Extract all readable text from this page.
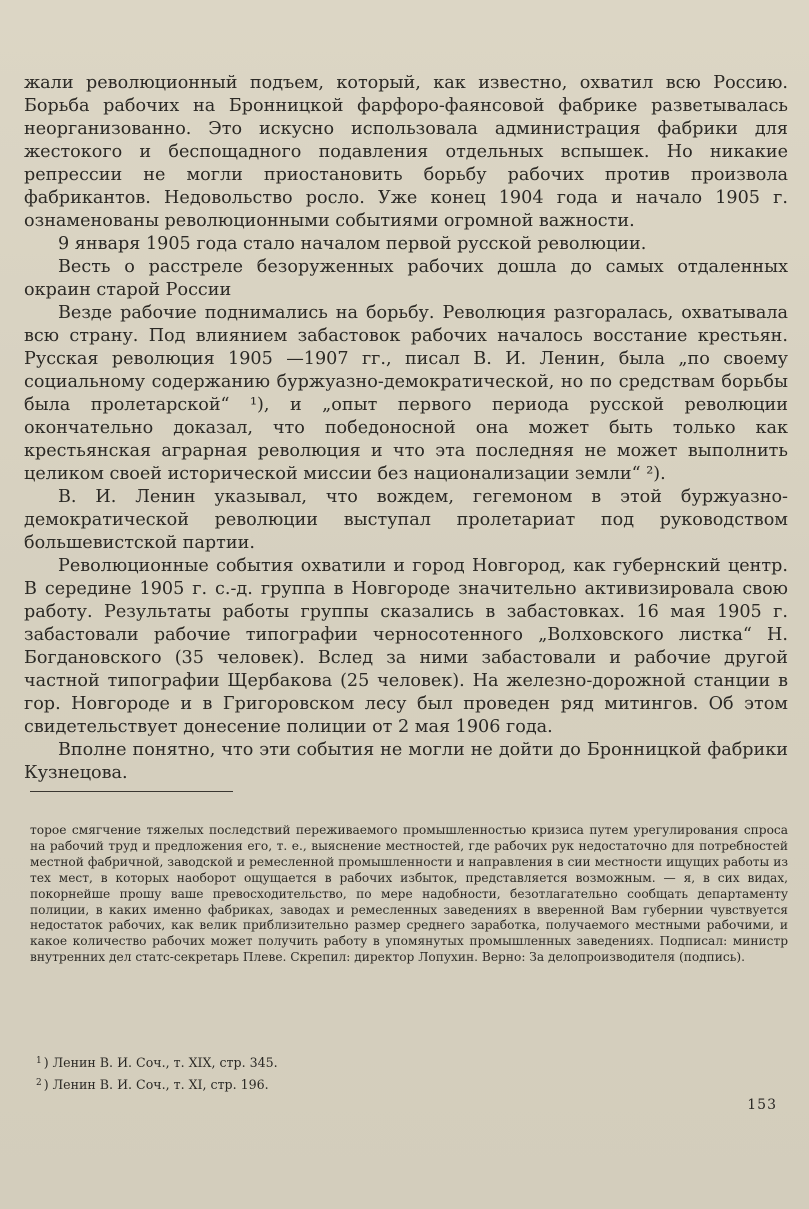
жали революционный подъем, который, как известно, охватил всю Россию. Борьба рабочих на Бронницкой фарфоро-фаянсовой фабрике разветывалась неорганизованно. Это искусно использовала администрация фабрики для жестокого и беспощадного подавления отдельных вспышек. Но никакие репрессии не могли приостановить борьбу рабочих против произвола фабрикантов. Недовольство росло. Уже конец 1904 года и начало 1905 г. ознаменованы революционными событиями огромной важности.

9 января 1905 года стало началом первой русской революции.

Весть о расстреле безоруженных рабочих дошла до самых отдаленных окраин старой России

Везде рабочие поднимались на борьбу. Революция разгоралась, охватывала всю страну. Под влиянием забастовок рабочих началось восстание крестьян. Русская революция 1905 —1907 гг., писал В. И. Ленин, была „по своему социальному содержанию буржуазно-демократической, но по средствам борьбы была пролетарской“ ¹), и „опыт первого периода русской революции окончательно доказал, что победоносной она может быть только как крестьянская аграрная революция и что эта последняя не может выполнить целиком своей исторической миссии без национализации земли“ ²).

В. И. Ленин указывал, что вождем, гегемоном в этой буржуазно-демократической революции выступал пролетариат под руководством большевистской партии.

Революционные события охватили и город Новгород, как губернский центр. В середине 1905 г. с.-д. группа в Новгороде значительно активизировала свою работу. Результаты работы группы сказались в забастовках. 16 мая 1905 г. забастовали рабочие типографии черносотенного „Волховского листка“ Н. Богдановского (35 человек). Вслед за ними забастовали и рабочие другой частной типографии Щербакова (25 человек). На железно-дорожной станции в гор. Новгороде и в Григоровском лесу был проведен ряд митингов. Об этом свидетельствует донесение полиции от 2 мая 1906 года.

Вполне понятно, что эти события не могли не дойти до Бронницкой фабрики Кузнецова.

торое смягчение тяжелых последствий переживаемого промышленностью кризиса путем урегулирования спроса на рабочий труд и предложения его, т. е., выяснение местностей, где рабочих рук недостаточно для потребностей местной фабричной, заводской и ремесленной промышленности и направления в сии местности ищущих работы из тех мест, в которых наоборот ощущается в рабочих избыток, представляется возможным. — я, в сих видах, покорнейше прошу ваше превосходительство, по мере надобности, безотлагательно сообщать департаменту полиции, в каких именно фабриках, заводах и ремесленных заведениях в вверенной Вам губернии чувствуется недостаток рабочих, как велик приблизительно размер среднего заработка, получаемого местными рабочими, и какое количество рабочих может получить работу в упомянутых промышленных заведениях. Подписал: министр внутренних дел статс-секретарь Плеве. Скрепил: директор Лопухин. Верно: За делопроизводителя (подпись).

$^1$ ) Ленин В. И. Соч., т. XIX, стр. 345.
$^2$ ) Ленин В. И. Соч., т. XI, стр. 196.
153
